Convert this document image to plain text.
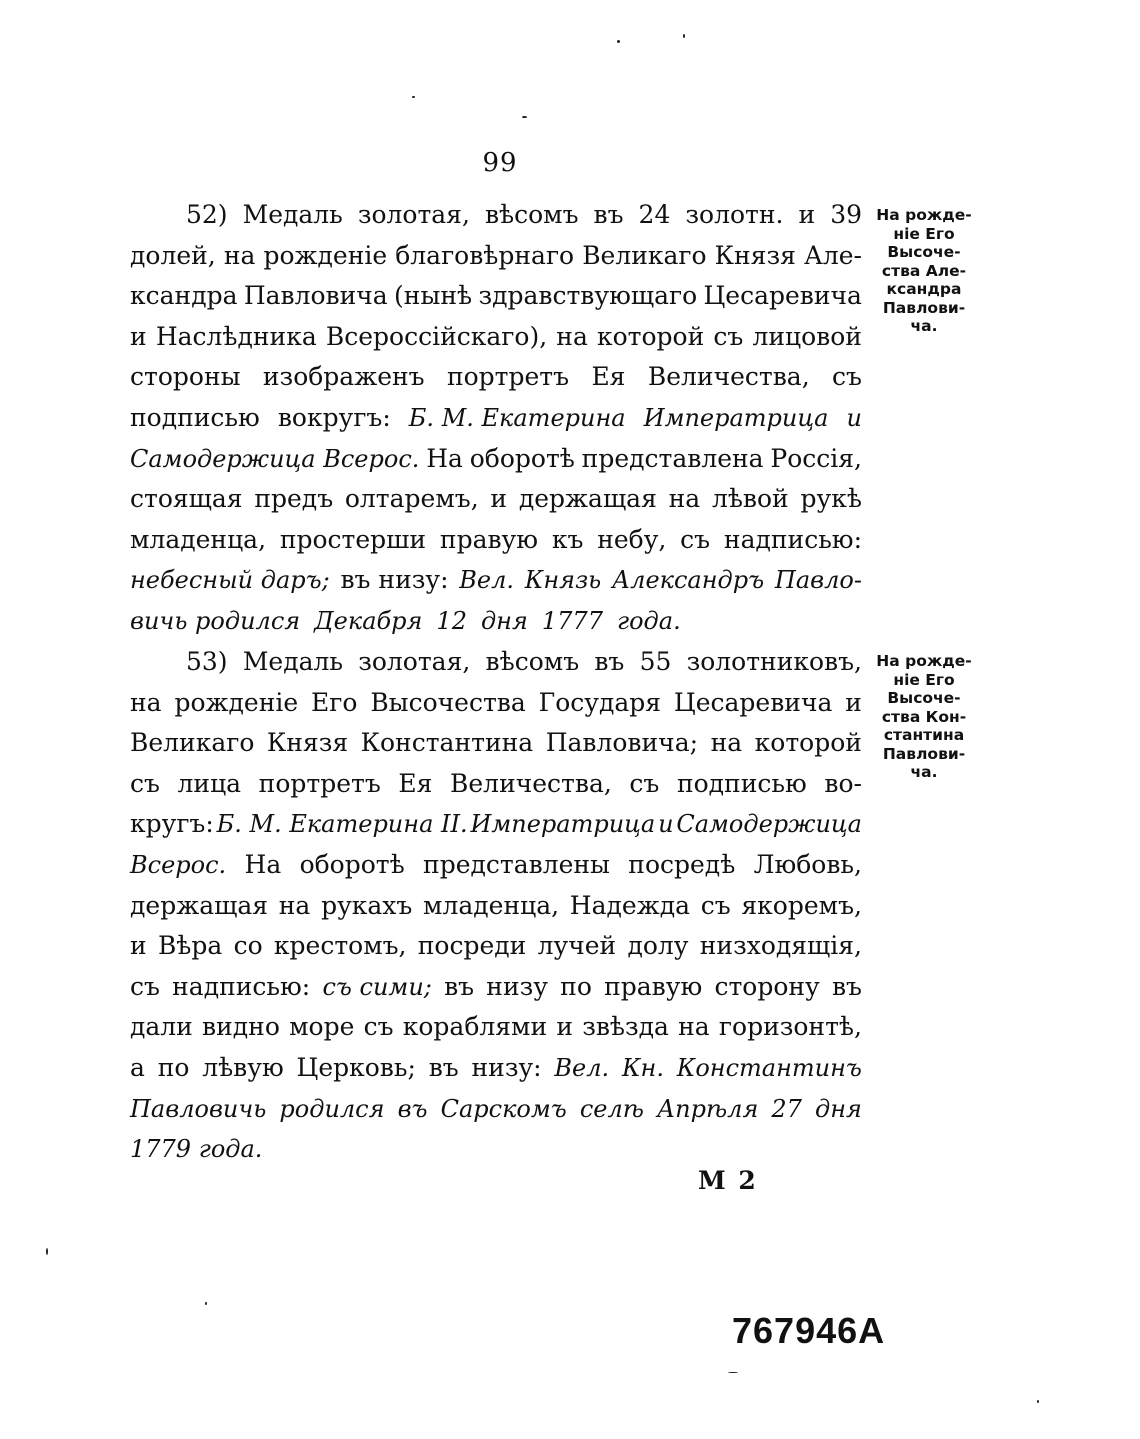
99
52) Медаль золотая, вѣсомъ въ 24 золотн. и 39
долей, на рожденіе благовѣрнаго Великаго Князя Але-
ксандра Павловича (нынѣ здравствующаго Цесаревича
и Наслѣдника Всероссійскаго), на которой съ лицовой
стороны изображенъ портретъ Ея Величества, съ
подписью вокругъ: Б. М. Екатерина Императрица и
Самодержица Всерос. На оборотѣ представлена Россія,
стоящая предъ олтаремъ, и держащая на лѣвой рукѣ
младенца, простерши правую къ небу, съ надписью:
небесный даръ; въ низу: Вел. Князь Александръ Павло-
вичь родился Декабря 12 дня 1777 года.
На рожде-
ніе Его
Высоче-
ства Але-
ксандра
Павлови-
ча.
53) Медаль золотая, вѣсомъ въ 55 золотниковъ,
на рожденіе Его Высочества Государя Цесаревича и
Великаго Князя Константина Павловича; на которой
съ лица портретъ Ея Величества, съ подписью во-
кругъ: Б. М. Екатерина II. Императрица и Самодержица
Всерос. На оборотѣ представлены посредѣ Любовь,
держащая на рукахъ младенца, Надежда съ якоремъ,
и Вѣра со крестомъ, посреди лучей долу низходящія,
съ надписью: съ сими; въ низу по правую сторону въ
дали видно море съ кораблями и звѣзда на горизонтѣ,
а по лѣвую Церковь; въ низу: Вел. Кн. Константинъ
Павловичь родился въ Сарскомъ селѣ Апрѣля 27 дня
1779 года.
На рожде-
ніе Его
Высоче-
ства Кон-
стантина
Павлови-
ча.
М 2
767946А
